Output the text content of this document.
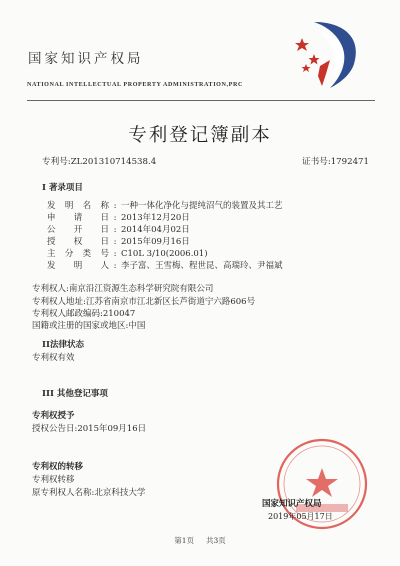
国家知识产权局
NATIONAL INTELLECTUAL PROPERTY ADMINISTRATION,PRC
专利登记簿副本
专利号:ZL201310714538.4	证书号:1792471
I 著录项目
发明名称 : 一种一体化净化与提纯沼气的装置及其工艺
申请日 : 2013年12月20日
公开日 : 2014年04月02日
授权日 : 2015年09月16日
主分类号 : C10L 3/10(2006.01)
发明人 : 李子富、王雪梅、程世昆、高瑞玲、尹福斌
专利权人:南京沿江资源生态科学研究院有限公司
专利权人地址:江苏省南京市江北新区长芦街道宁六路606号
专利权人邮政编码:210047
国籍或注册的国家或地区:中国
II法律状态
专利权有效
III 其他登记事项
专利权授予
授权公告日:2015年09月16日
专利权的转移
专利权转移
原专利权人名称:北京科技大学
国家知识产权局
2019年05月17日
第1页 共3页
